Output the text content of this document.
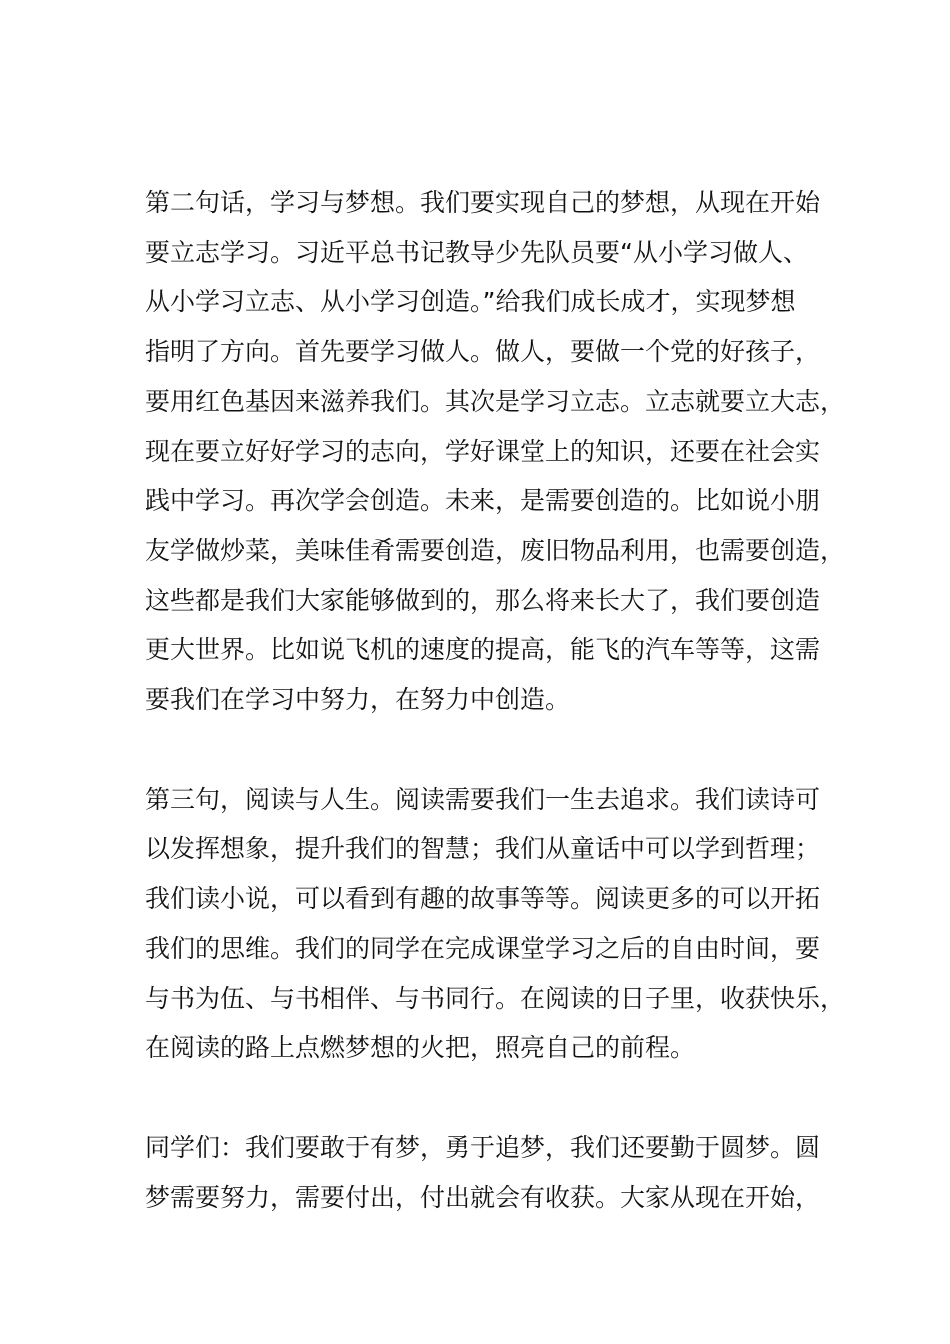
第二句话，学习与梦想。我们要实现自己的梦想，从现在开始
要立志学习。习近平总书记教导少先队员要“从小学习做人、
从小学习立志、从小学习创造。”给我们成长成才，实现梦想
指明了方向。首先要学习做人。做人，要做一个党的好孩子，
要用红色基因来滋养我们。其次是学习立志。立志就要立大志，
现在要立好好学习的志向，学好课堂上的知识，还要在社会实
践中学习。再次学会创造。未来，是需要创造的。比如说小朋
友学做炒菜，美味佳肴需要创造，废旧物品利用，也需要创造，
这些都是我们大家能够做到的，那么将来长大了，我们要创造
更大世界。比如说飞机的速度的提高，能飞的汽车等等，这需
要我们在学习中努力，在努力中创造。

第三句，阅读与人生。阅读需要我们一生去追求。我们读诗可
以发挥想象，提升我们的智慧；我们从童话中可以学到哲理；
我们读小说，可以看到有趣的故事等等。阅读更多的可以开拓
我们的思维。我们的同学在完成课堂学习之后的自由时间，要
与书为伍、与书相伴、与书同行。在阅读的日子里，收获快乐，
在阅读的路上点燃梦想的火把，照亮自己的前程。

同学们：我们要敢于有梦，勇于追梦，我们还要勤于圆梦。圆
梦需要努力，需要付出，付出就会有收获。大家从现在开始，
